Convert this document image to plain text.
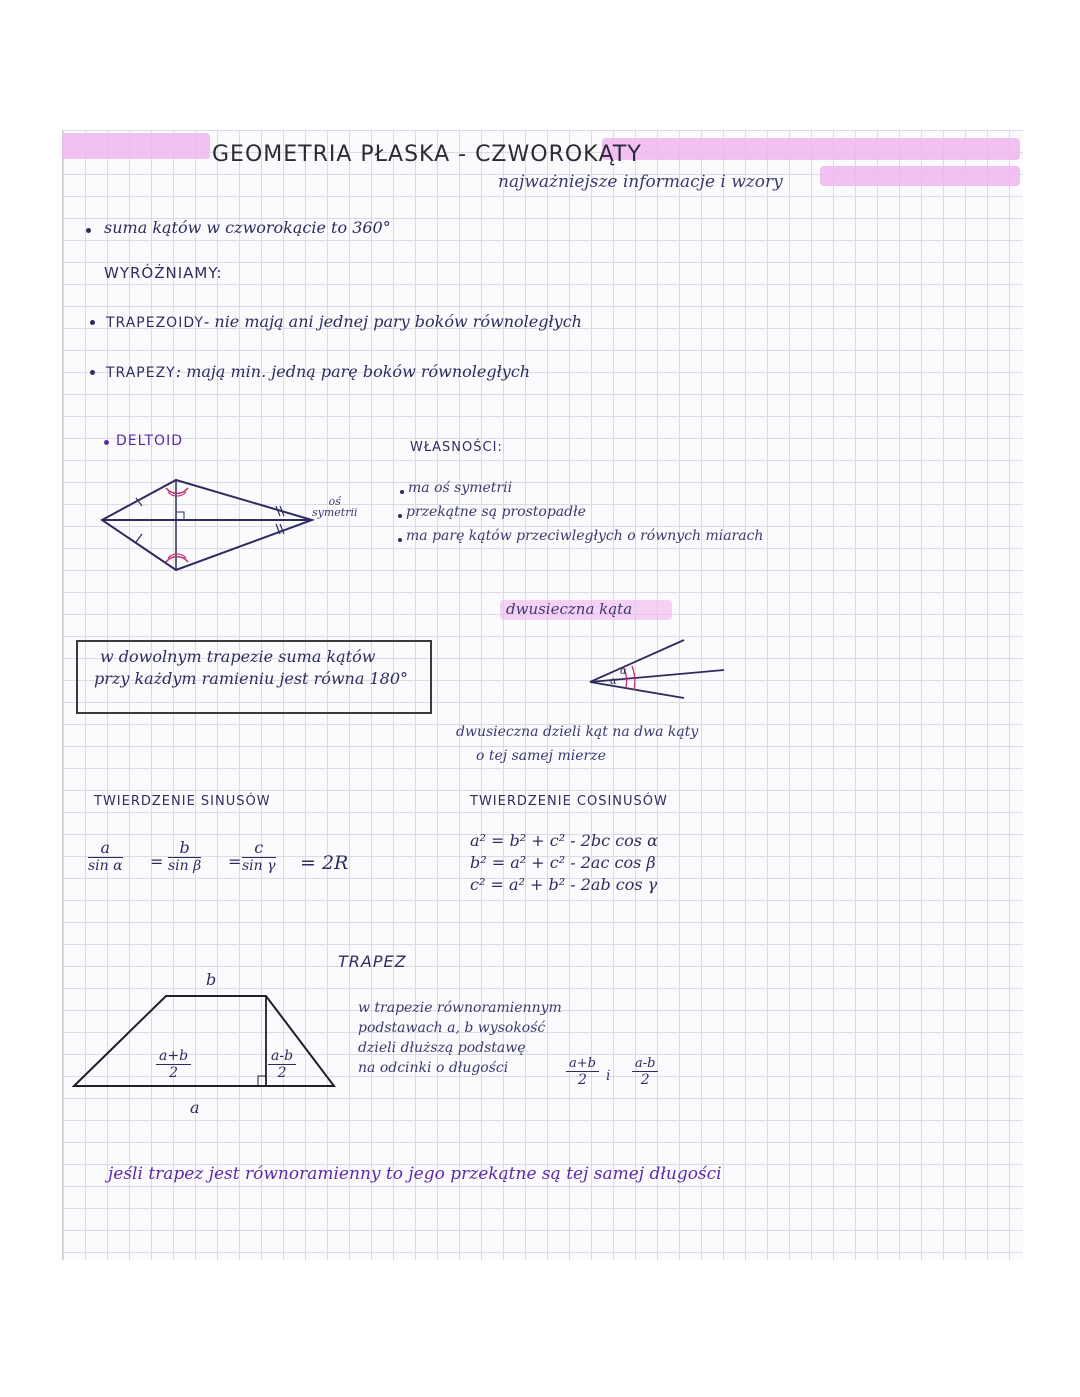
GEOMETRIA PŁASKA - CZWOROKĄTY
najważniejsze informacje i wzory
suma kątów w czworokącie to 360°
WYRÓŻNIAMY:
TRAPEZOIDY- nie mają ani jednej pary boków równoległych
TRAPEZY: mają min. jedną parę boków równoległych
DELTOID
oś
symetrii
WŁASNOŚCI:
ma oś symetrii
przekątne są prostopadłe
ma parę kątów przeciwległych o równych miarach
dwusieczna kąta
α
α
dwusieczna dzieli kąt na dwa kąty
o tej samej mierze
w dowolnym trapezie suma kątów
przy każdym ramieniu jest równa 180°
TWIERDZENIE SINUSÓW
$\frac{a}{\text{sin α}} = \frac{b}{\text{sin β}} = \frac{c}{\text{sin γ}} = 2R$
TWIERDZENIE COSINUSÓW
a² = b² + c² - 2bc cos α
b² = a² + c² - 2ac cos β
c² = a² + b² - 2ab cos γ
TRAPEZ
b
a
$\frac{a+b}{2}$	$\frac{a-b}{2}$
w trapezie równoramiennym
podstawach a, b wysokość
dzieli dłuższą podstawę
na odcinki o długości	$\frac{a+b}{2}$ i $\frac{a-b}{2}$
jeśli trapez jest równoramienny to jego przekątne są tej samej długości
